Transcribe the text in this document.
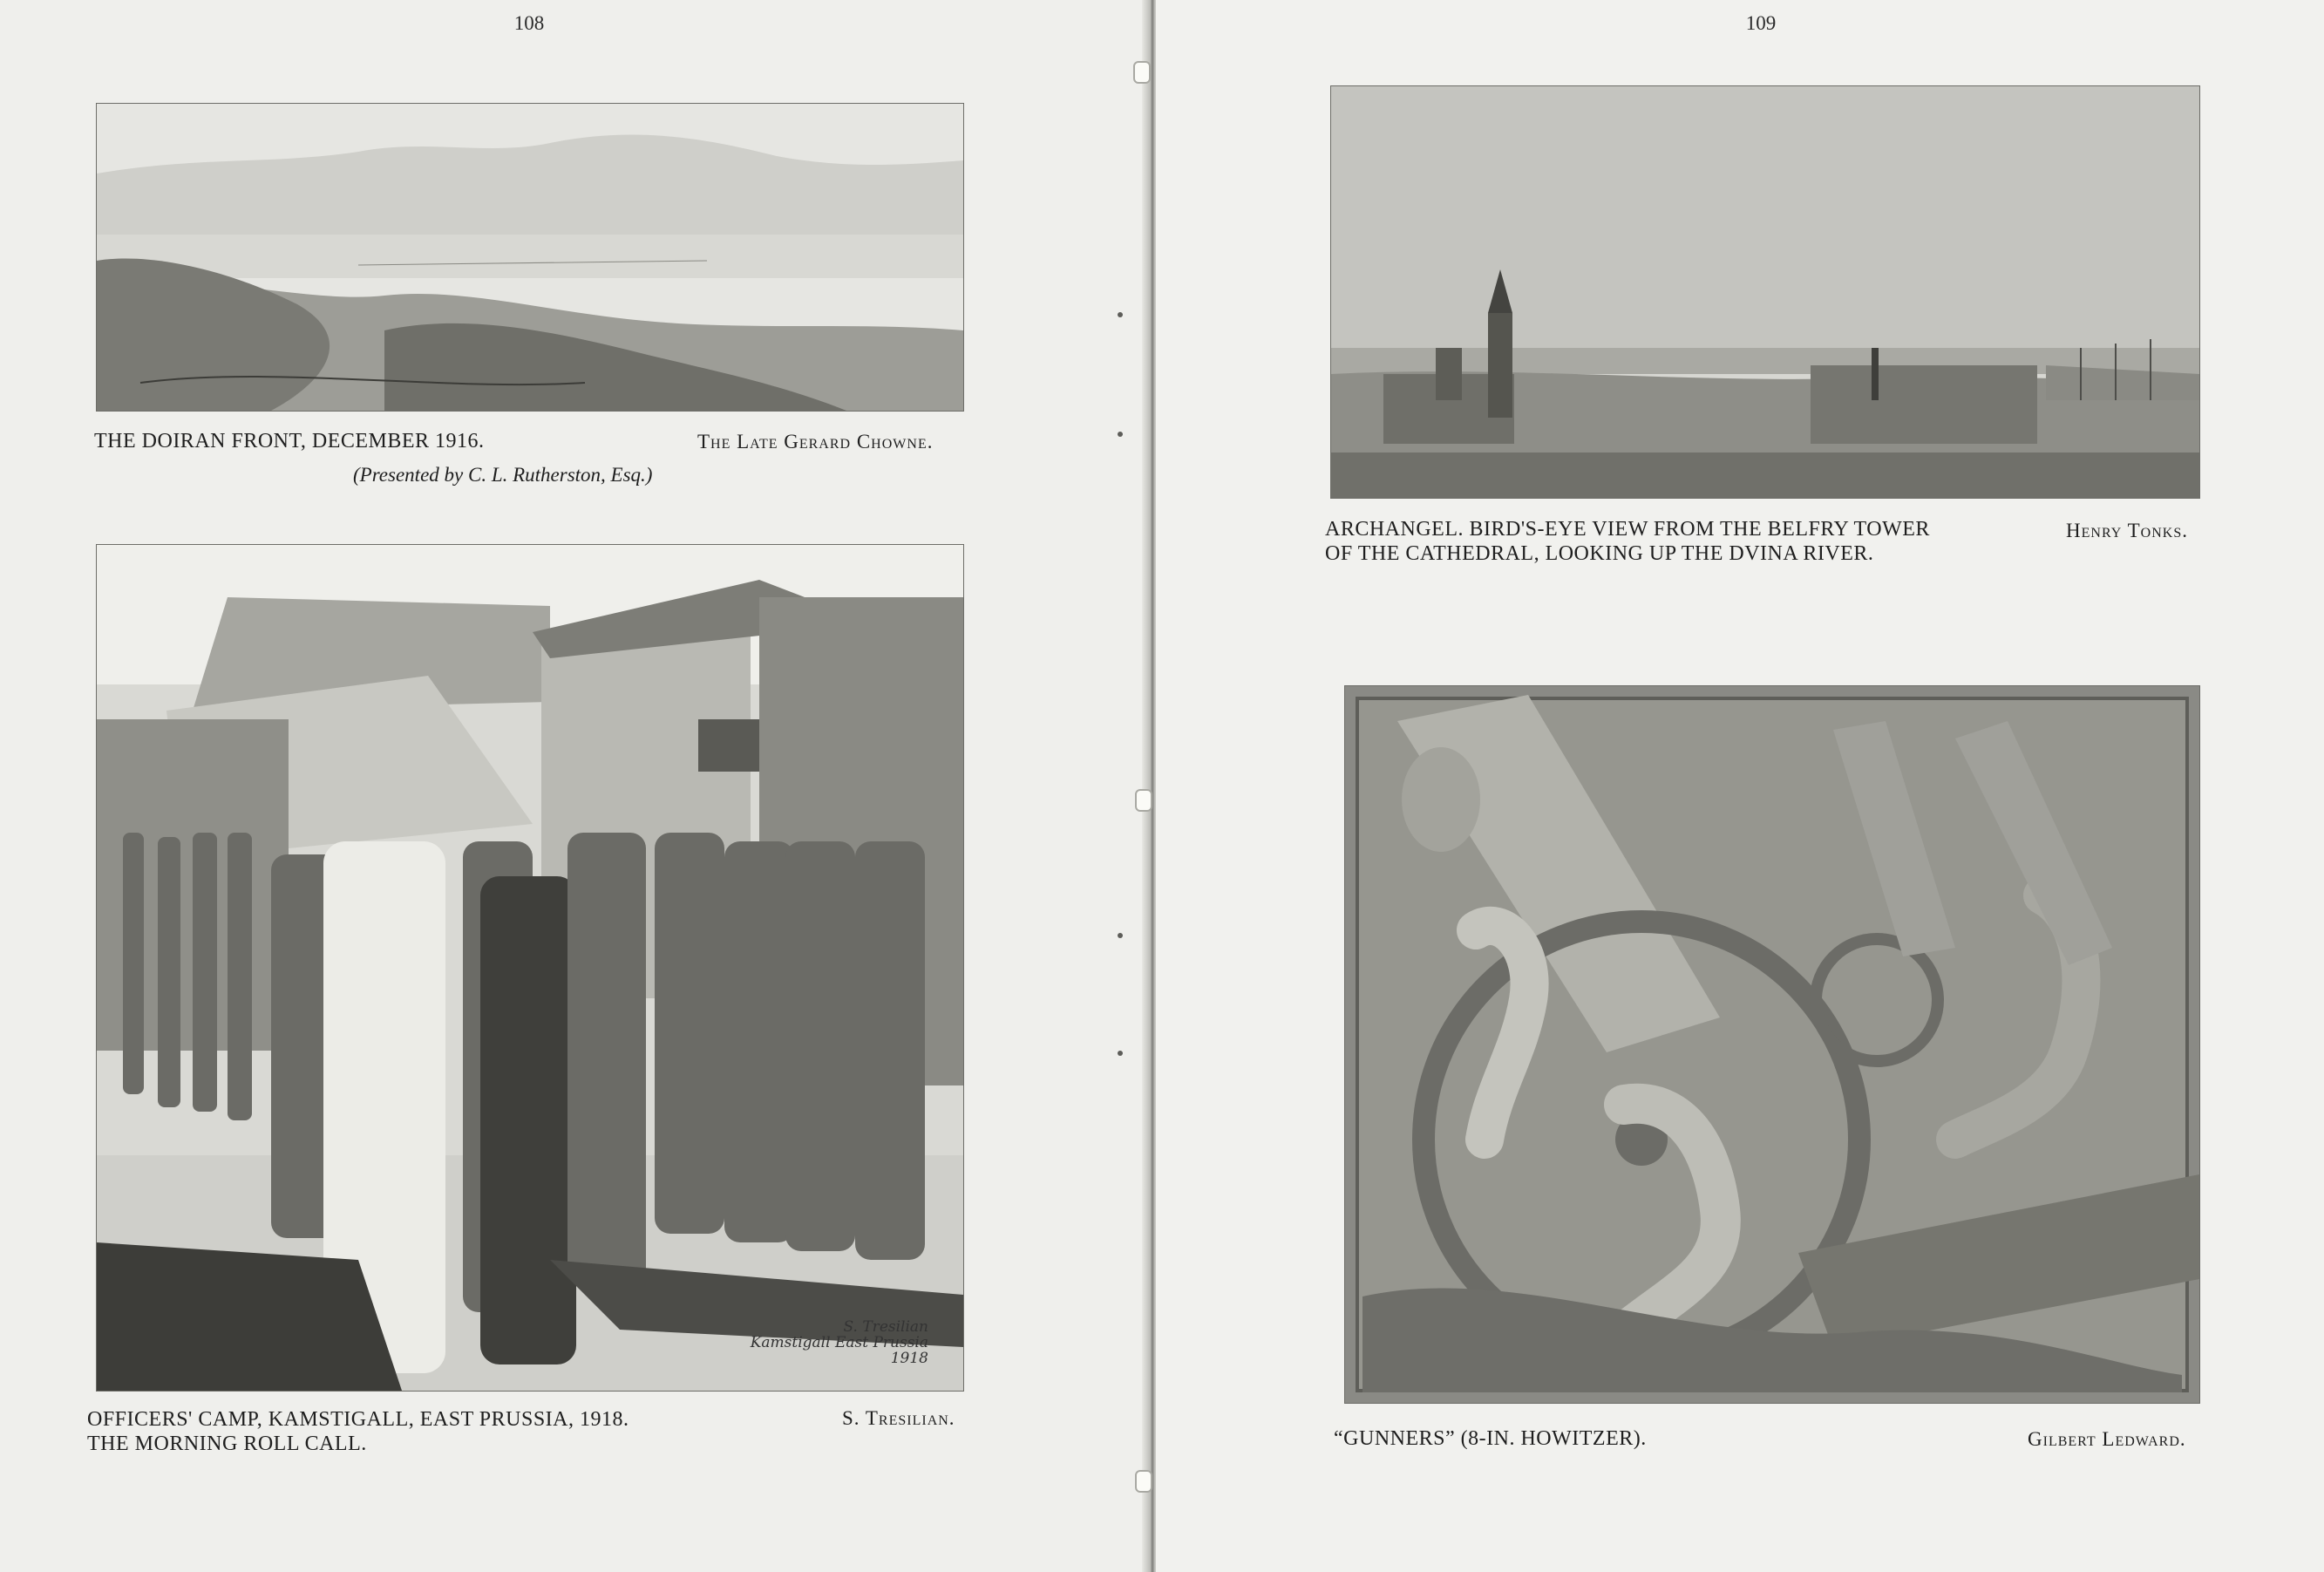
108
THE DOIRAN FRONT, DECEMBER 1916.	The Late Gerard Chowne.
(Presented by C. L. Rutherston, Esq.)
S. Tresilian
Kamstigall East Prussia
1918
OFFICERS' CAMP, KAMSTIGALL, EAST PRUSSIA, 1918.
THE MORNING ROLL CALL.
S. Tresilian.
109
ARCHANGEL. BIRD'S-EYE VIEW FROM THE BELFRY TOWER
OF THE CATHEDRAL, LOOKING UP THE DVINA RIVER.
Henry Tonks.
“GUNNERS” (8-IN. HOWITZER).	Gilbert Ledward.
